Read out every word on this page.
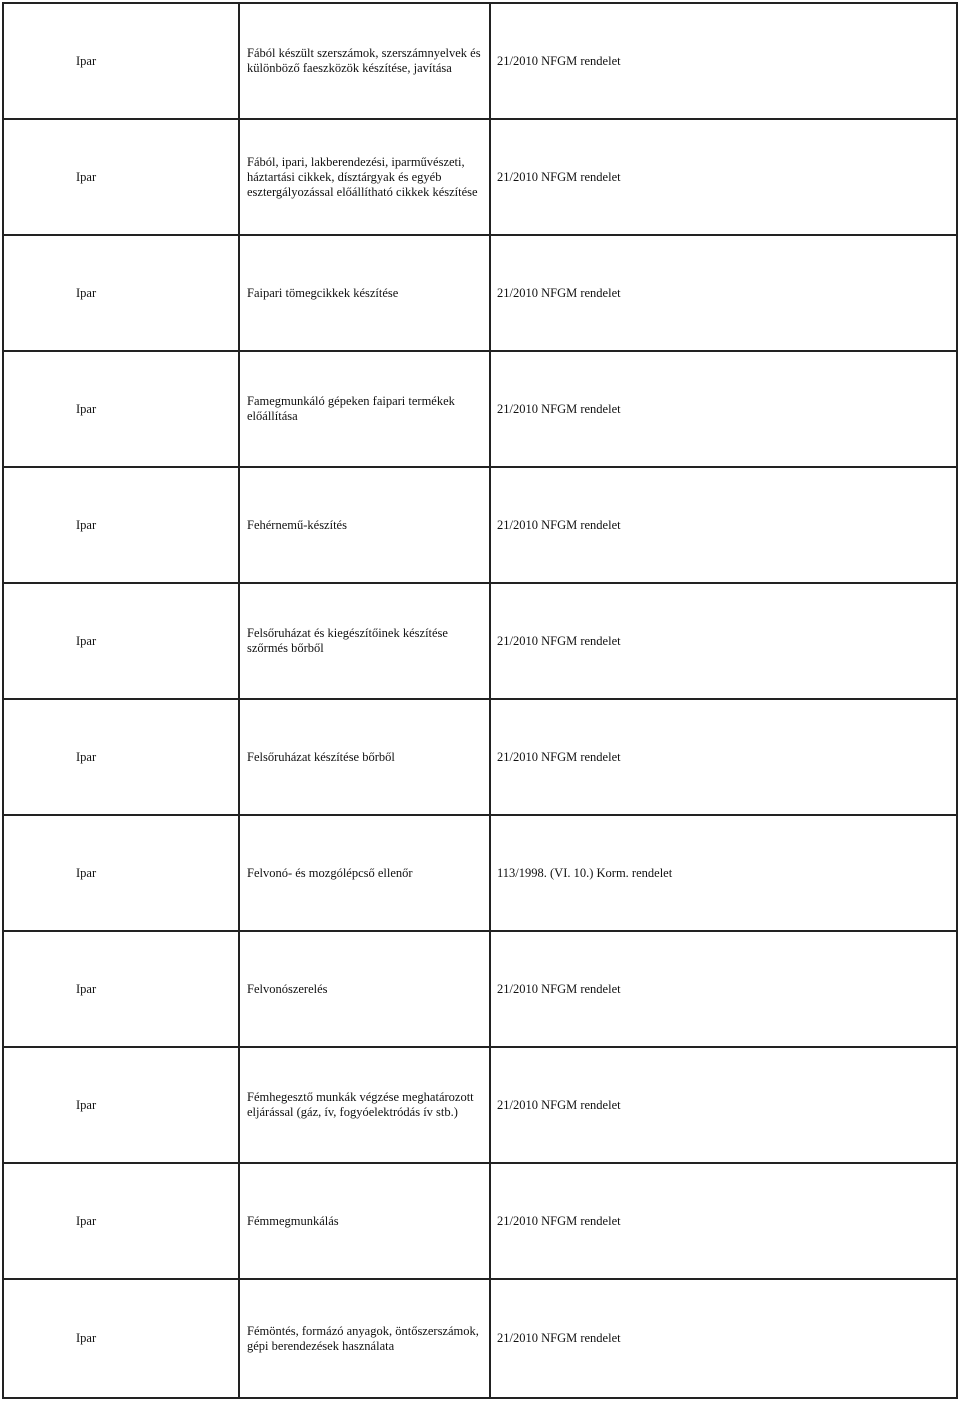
Ipar	Fából készült szerszámok, szerszámnyelvek és különböző faeszközök készítése, javítása	21/2010 NFGM rendelet
Ipar	Fából, ipari, lakberendezési, iparművészeti, háztartási cikkek, dísztárgyak és egyéb esztergályozással előállítható cikkek készítése	21/2010 NFGM rendelet
Ipar	Faipari tömegcikkek készítése	21/2010 NFGM rendelet
Ipar	Famegmunkáló gépeken faipari termékek előállítása	21/2010 NFGM rendelet
Ipar	Fehérnemű-készítés	21/2010 NFGM rendelet
Ipar	Felsőruházat és kiegészítőinek készítése szőrmés bőrből	21/2010 NFGM rendelet
Ipar	Felsőruházat készítése bőrből	21/2010 NFGM rendelet
Ipar	Felvonó- és mozgólépcső ellenőr	113/1998. (VI. 10.) Korm. rendelet
Ipar	Felvonószerelés	21/2010 NFGM rendelet
Ipar	Fémhegesztő munkák végzése meghatározott eljárással (gáz, ív, fogyóelektródás ív stb.)	21/2010 NFGM rendelet
Ipar	Fémmegmunkálás	21/2010 NFGM rendelet
Ipar	Fémöntés, formázó anyagok, öntőszerszámok, gépi berendezések használata	21/2010 NFGM rendelet
